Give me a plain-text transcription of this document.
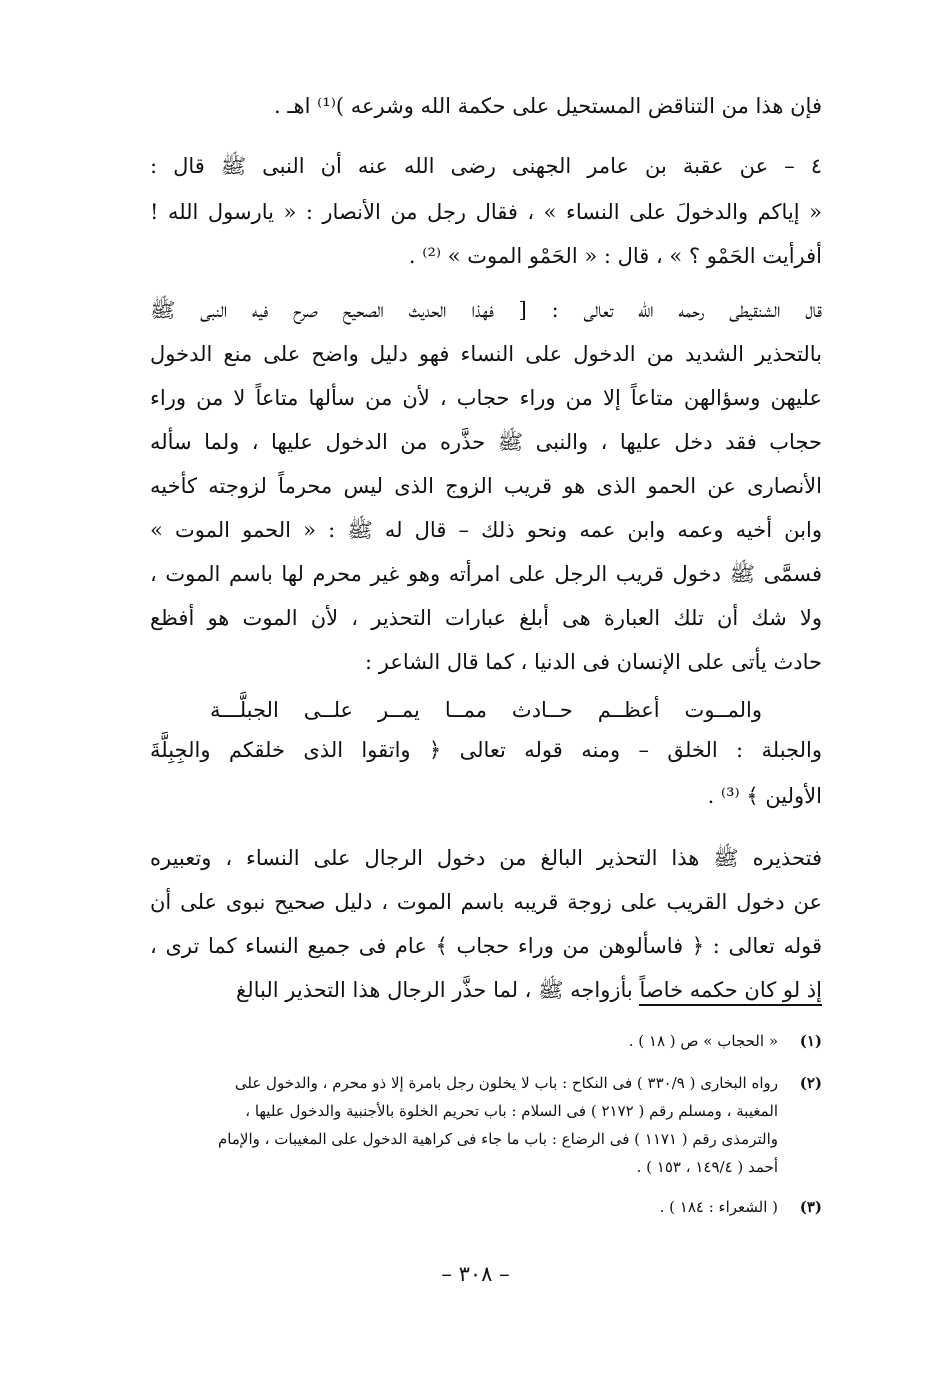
فإن هذا من التناقض المستحيل على حكمة الله وشرعه )⁽¹⁾ اهـ .
٤ – عن عقبة بن عامر الجهنى رضى الله عنه أن النبى ﷺ قال :
« إياكم والدخولَ على النساء » ، فقال رجل من الأنصار : « يارسول الله !
أفرأيت الحَمْو ؟ » ، قال : « الحَمْو الموت » ⁽²⁾ .
قال الشنقيطى رحمه الله تعالى : [ فهذا الحديث الصحيح صرح فيه النبى ﷺ
بالتحذير الشديد من الدخول على النساء فهو دليل واضح على منع الدخول
عليهن وسؤالهن متاعاً إلا من وراء حجاب ، لأن من سألها متاعاً لا من وراء
حجاب فقد دخل عليها ، والنبى ﷺ حذَّره من الدخول عليها ، ولما سأله
الأنصارى عن الحمو الذى هو قريب الزوج الذى ليس محرماً لزوجته كأخيه
وابن أخيه وعمه وابن عمه ونحو ذلك – قال له ﷺ : « الحمو الموت »
فسمَّى ﷺ دخول قريب الرجل على امرأته وهو غير محرم لها باسم الموت ،
ولا شك أن تلك العبارة هى أبلغ عبارات التحذير ، لأن الموت هو أفظع
حادث يأتى على الإنسان فى الدنيا ، كما قال الشاعر :
والمــوت أعظــم حــادث ممــا يمــر علــى الجبلَّـــة
والجبلة : الخلق – ومنه قوله تعالى ﴿ واتقوا الذى خلقكم والجِبِلَّةَ
الأولين ﴾ ⁽³⁾ .
فتحذيره ﷺ هذا التحذير البالغ من دخول الرجال على النساء ، وتعبيره
عن دخول القريب على زوجة قريبه باسم الموت ، دليل صحيح نبوى على أن
قوله تعالى : ﴿ فاسألوهن من وراء حجاب ﴾ عام فى جميع النساء كما ترى ،
إذ لو كان حكمه خاصاً بأزواجه ﷺ ، لما حذَّر الرجال هذا التحذير البالغ
(١)
« الحجاب » ص ( ١٨ ) .
(٢)
رواه البخارى ( ٣٣٠/٩ ) فى النكاح : باب لا يخلون رجل بامرة إلا ذو محرم ، والدخول على
المغيبة ، ومسلم رقم ( ٢١٧٢ ) فى السلام : باب تحريم الخلوة بالأجنبية والدخول عليها ،
والترمذى رقم ( ١١٧١ ) فى الرضاع : باب ما جاء فى كراهية الدخول على المغيبات ، والإمام
أحمد ( ١٤٩/٤ ، ١٥٣ ) .
(٣)
( الشعراء : ١٨٤ ) .
– ٣٠٨ –
